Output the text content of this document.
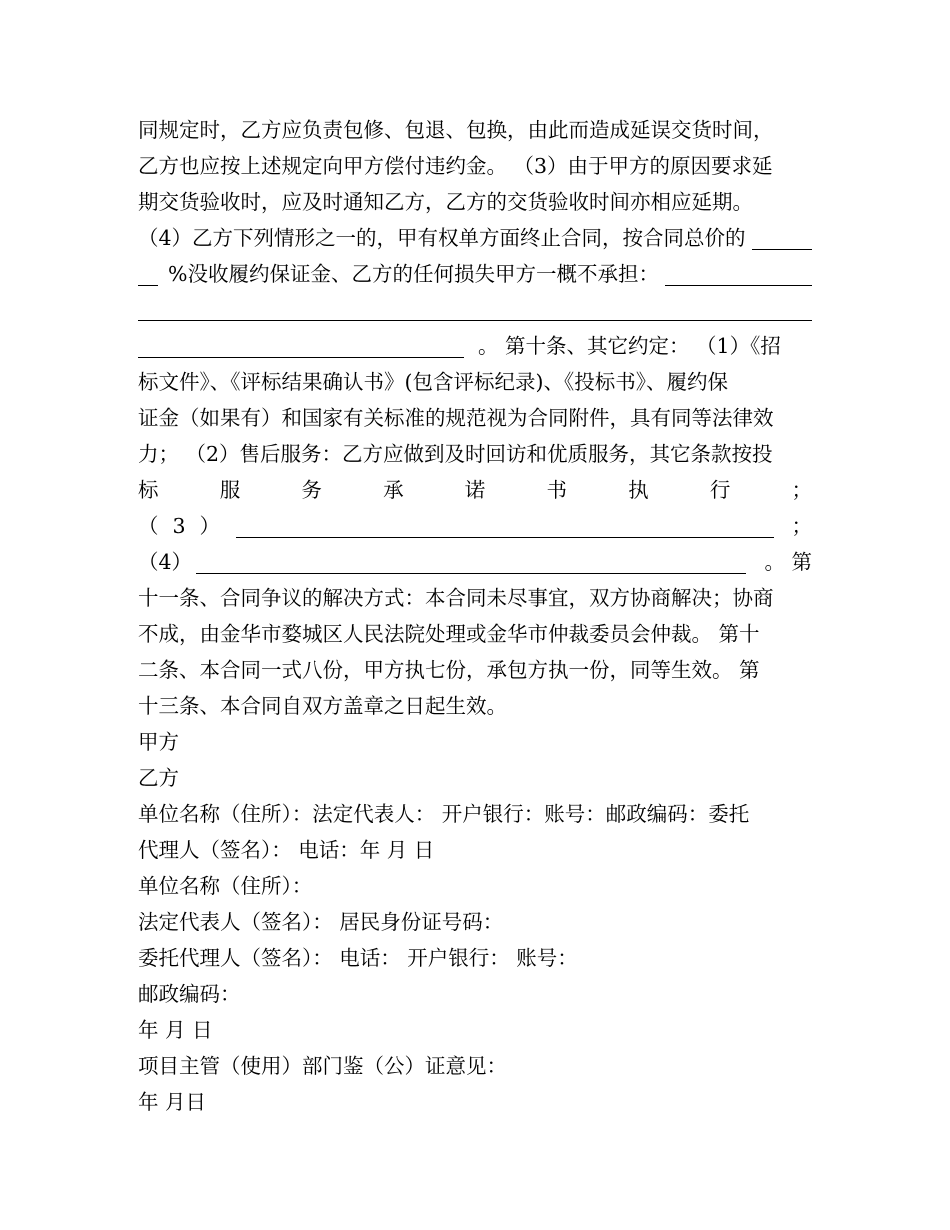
同规定时，乙方应负责包修、包退、包换，由此而造成延误交货时间，
乙方也应按上述规定向甲方偿付违约金。 （3）由于甲方的原因要求延
期交货验收时，应及时通知乙方，乙方的交货验收时间亦相应延期。
（4）乙方下列情形之一的，甲有权单方面终止合同，按合同总价的
%没收履约保证金、乙方的任何损失甲方一概不承担：
。 第十条、其它约定： （1）《招
标文件》、《评标结果确认书》(包含评标纪录)、《投标书》、履约保
证金（如果有）和国家有关标准的规范视为合同附件，具有同等法律效
力； （2）售后服务：乙方应做到及时回访和优质服务，其它条款按投
标	服	务	承	诺	书	执	行	；
（ 3 ）	；
（4）	。 第
十一条、合同争议的解决方式：本合同未尽事宜，双方协商解决；协商
不成，由金华市婺城区人民法院处理或金华市仲裁委员会仲裁。 第十
二条、本合同一式八份，甲方执七份，承包方执一份，同等生效。 第
十三条、本合同自双方盖章之日起生效。
甲方
乙方
单位名称（住所）：法定代表人： 开户银行：账号：邮政编码：委托
代理人（签名）： 电话：年 月 日
单位名称（住所）：
法定代表人（签名）： 居民身份证号码：
委托代理人（签名）： 电话： 开户银行： 账号：
邮政编码：
年 月 日
项目主管（使用）部门鉴（公）证意见：
年 月日
